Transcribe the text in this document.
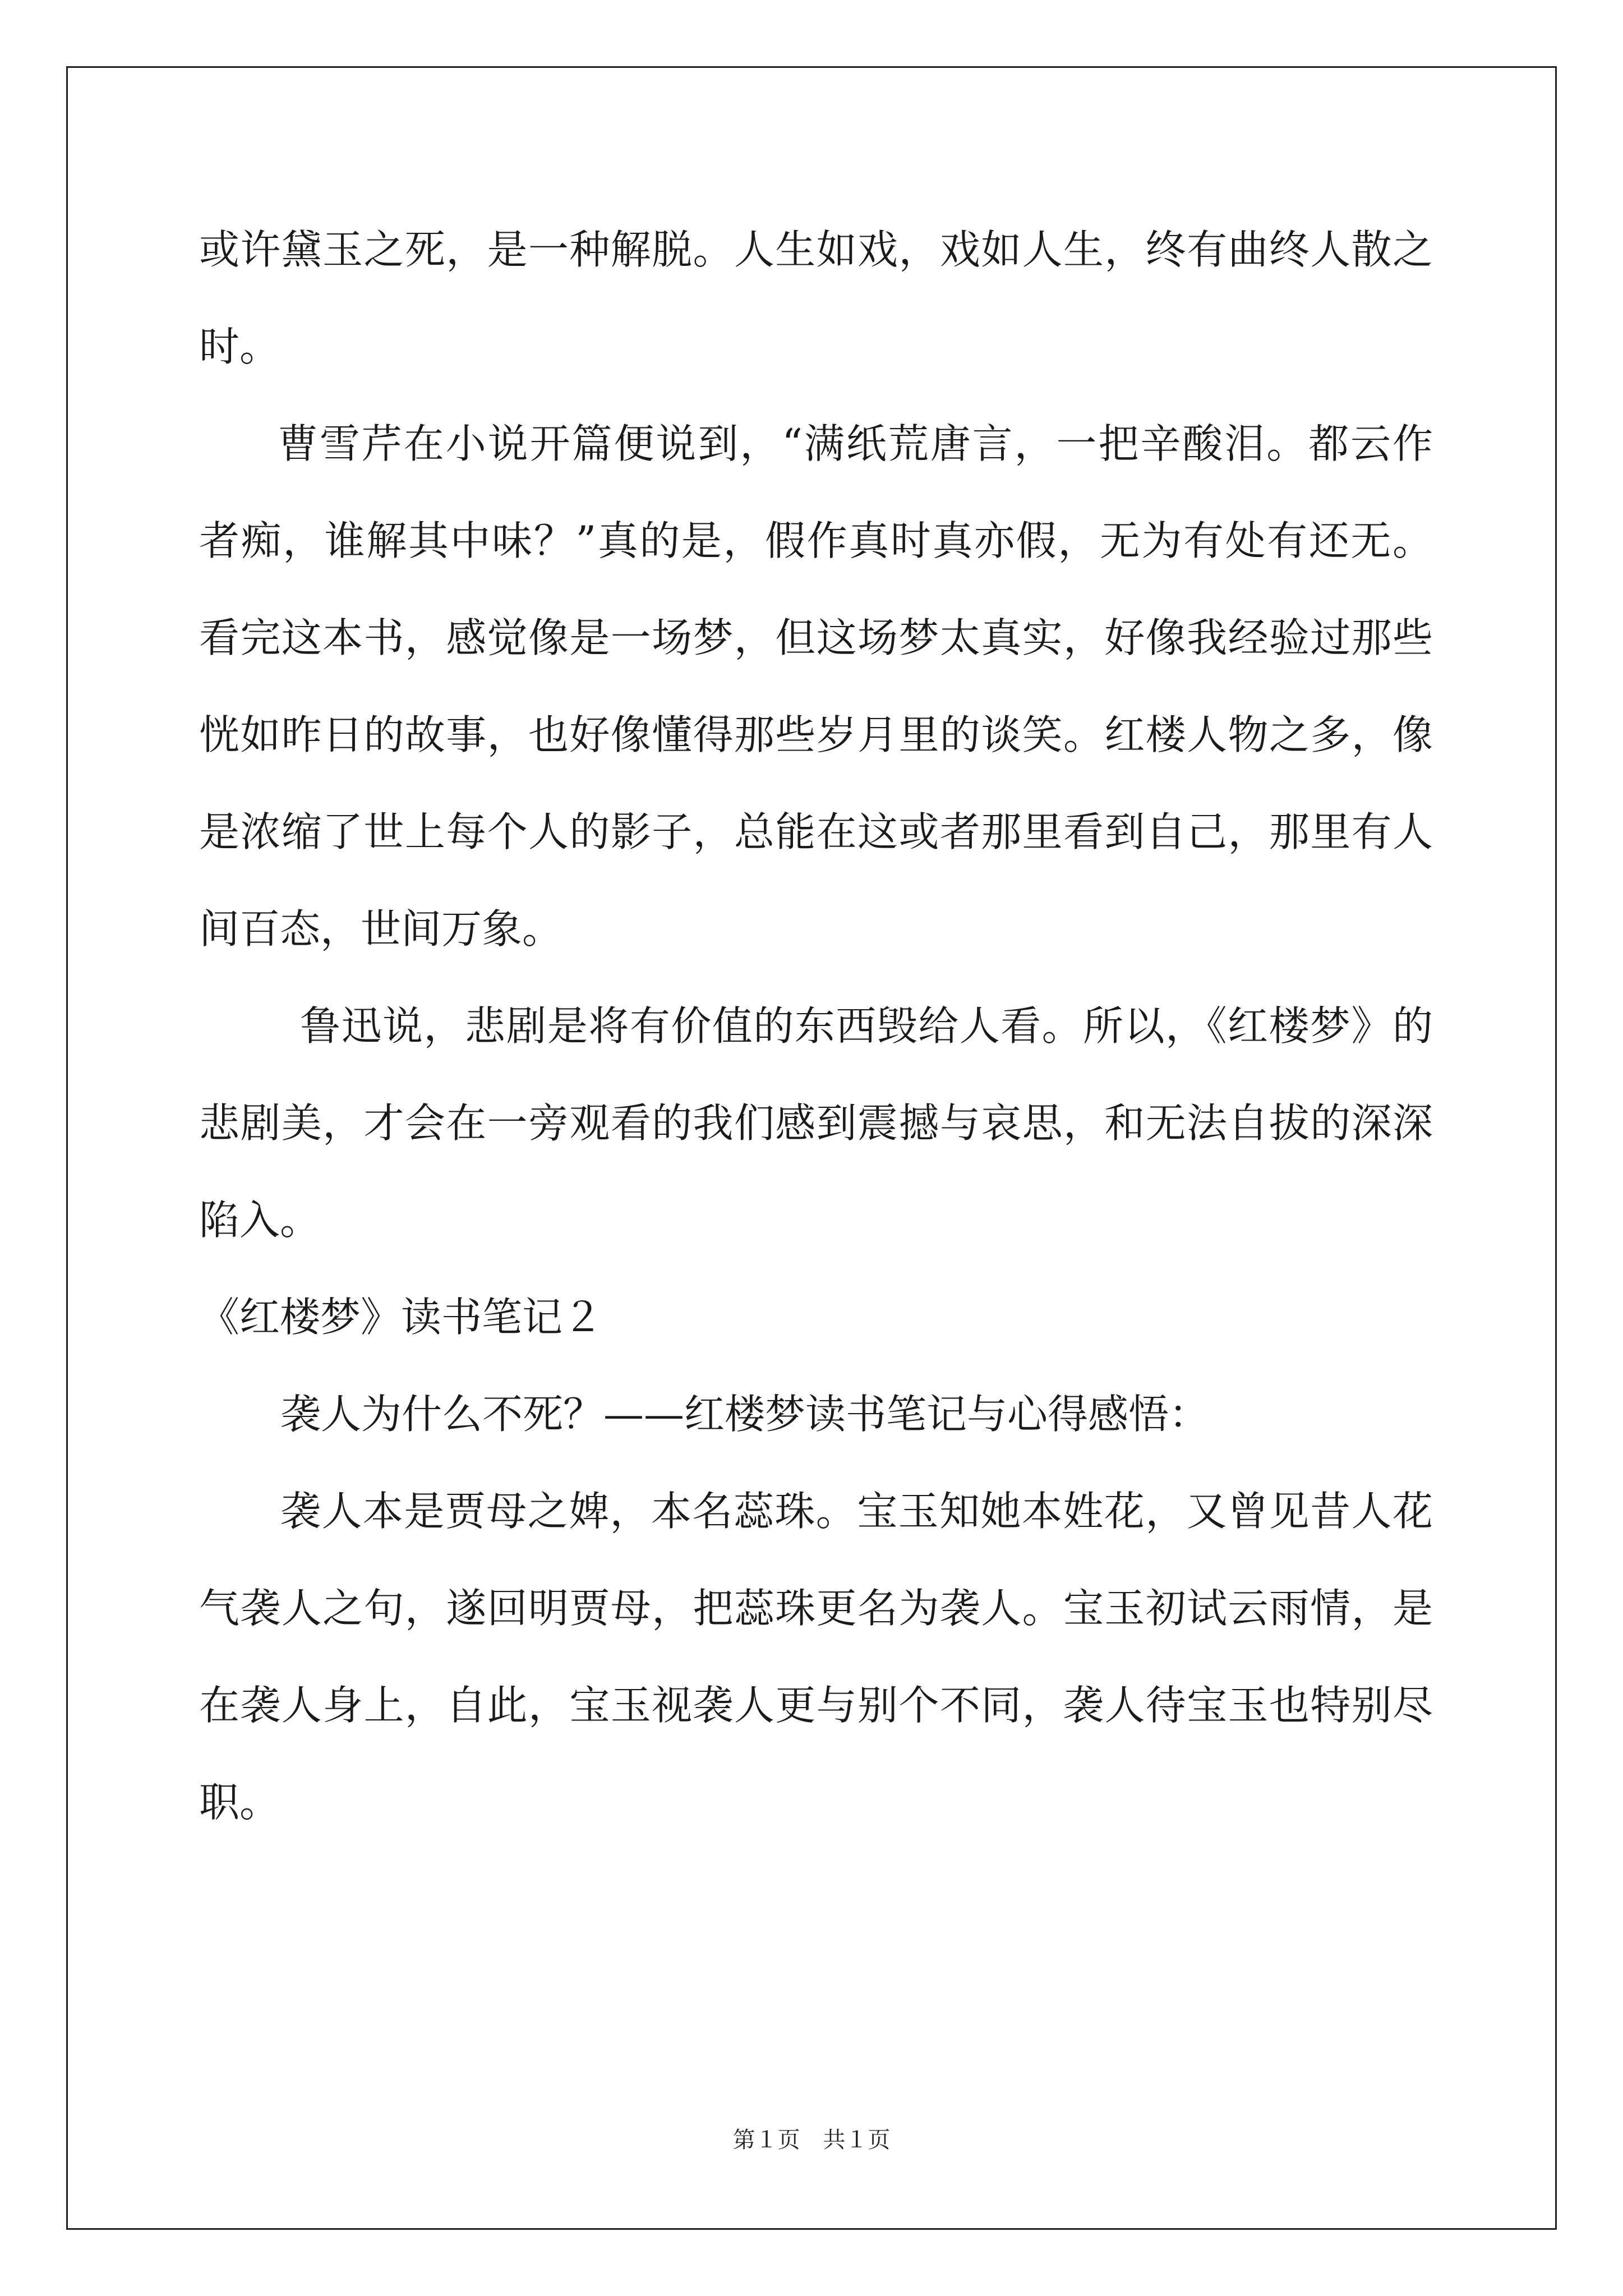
或许黛玉之死，是一种解脱。人生如戏，戏如人生，终有曲终人散之
时。
曹雪芹在小说开篇便说到，“满纸荒唐言，一把辛酸泪。都云作
者痴，谁解其中味？”真的是，假作真时真亦假，无为有处有还无。
看完这本书，感觉像是一场梦，但这场梦太真实，好像我经验过那些
恍如昨日的故事，也好像懂得那些岁月里的谈笑。红楼人物之多，像
是浓缩了世上每个人的影子，总能在这或者那里看到自己，那里有人
间百态，世间万象。
鲁迅说，悲剧是将有价值的东西毁给人看。所以，《红楼梦》的
悲剧美，才会在一旁观看的我们感到震撼与哀思，和无法自拔的深深
陷入。
《红楼梦》读书笔记２
袭人为什么不死？——红楼梦读书笔记与心得感悟：
袭人本是贾母之婢，本名蕊珠。宝玉知她本姓花，又曾见昔人花
气袭人之句，遂回明贾母，把蕊珠更名为袭人。宝玉初试云雨情，是
在袭人身上，自此，宝玉视袭人更与别个不同，袭人待宝玉也特别尽
职。
第１页 共１页
